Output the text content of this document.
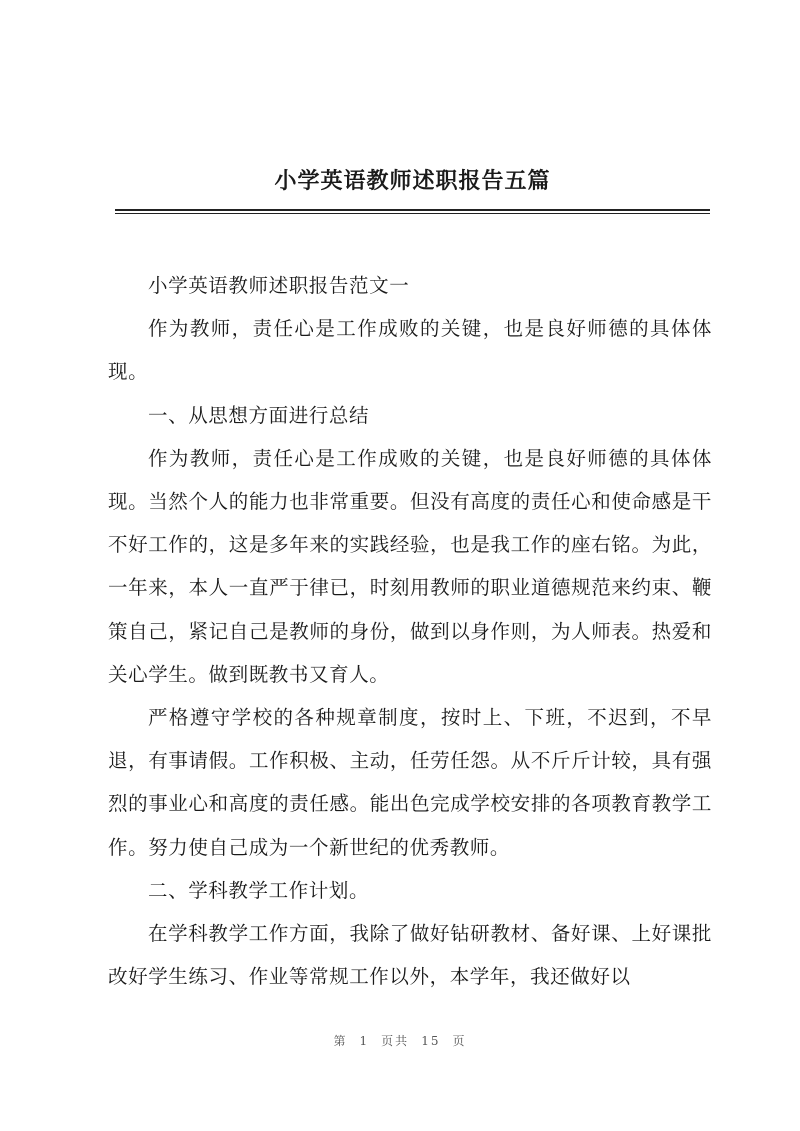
小学英语教师述职报告五篇

小学英语教师述职报告范文一

作为教师，责任心是工作成败的关键，也是良好师德的具体体现。

一、从思想方面进行总结

作为教师，责任心是工作成败的关键，也是良好师德的具体体现。当然个人的能力也非常重要。但没有高度的责任心和使命感是干不好工作的，这是多年来的实践经验，也是我工作的座右铭。为此，一年来，本人一直严于律已，时刻用教师的职业道德规范来约束、鞭策自己，紧记自己是教师的身份，做到以身作则，为人师表。热爱和关心学生。做到既教书又育人。

严格遵守学校的各种规章制度，按时上、下班，不迟到，不早退，有事请假。工作积极、主动，任劳任怨。从不斤斤计较，具有强烈的事业心和高度的责任感。能出色完成学校安排的各项教育教学工作。努力使自己成为一个新世纪的优秀教师。

二、学科教学工作计划。

在学科教学工作方面，我除了做好钻研教材、备好课、上好课批改好学生练习、作业等常规工作以外，本学年，我还做好以

第 1 页共 15 页
